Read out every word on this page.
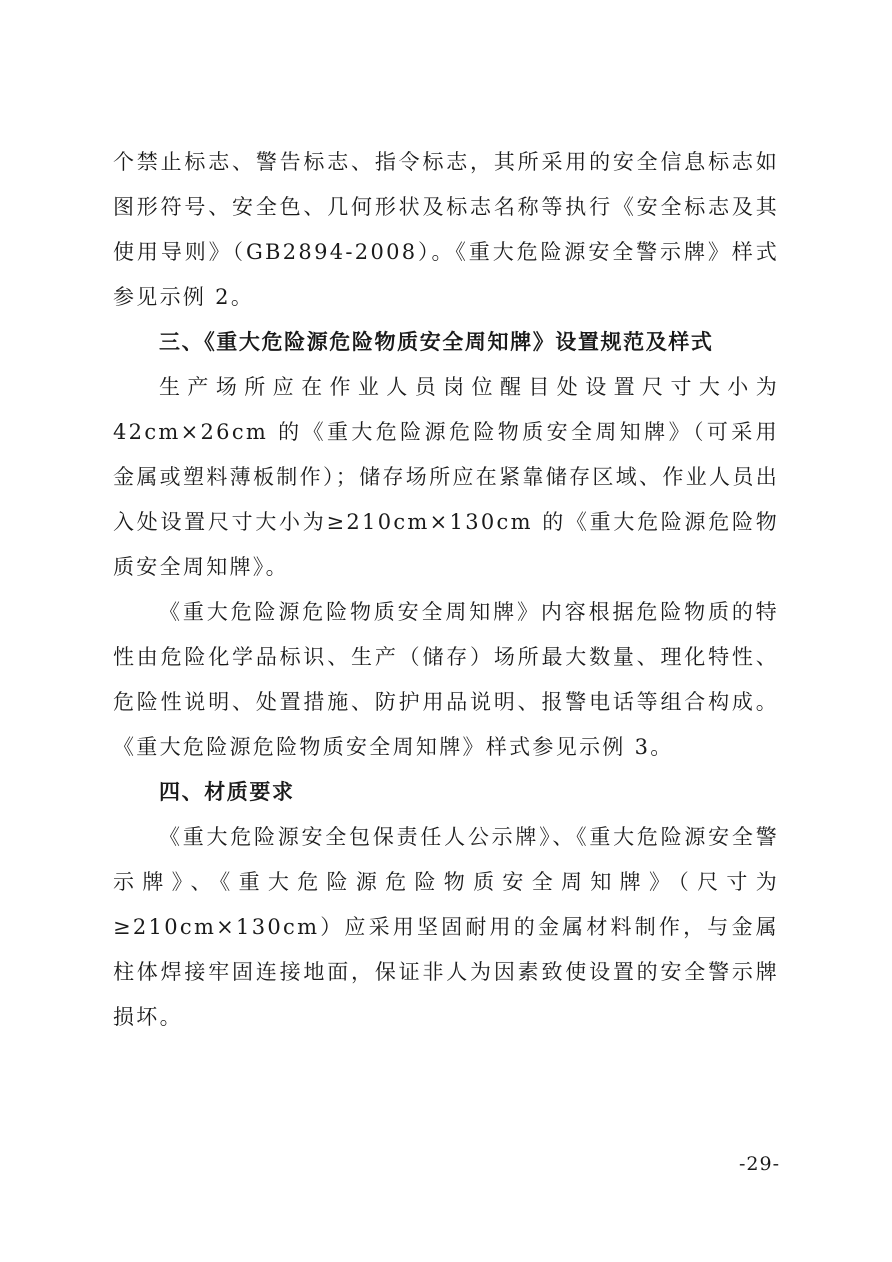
个禁止标志、警告标志、指令标志，其所采用的安全信息标志如图形符号、安全色、几何形状及标志名称等执行《安全标志及其使用导则》（GB2894-2008）。《重大危险源安全警示牌》样式参见示例 2。

三、《重大危险源危险物质安全周知牌》设置规范及样式

生产场所应在作业人员岗位醒目处设置尺寸大小为 42cm×26cm 的《重大危险源危险物质安全周知牌》（可采用金属或塑料薄板制作）；储存场所应在紧靠储存区域、作业人员出入处设置尺寸大小为≥210cm×130cm 的《重大危险源危险物质安全周知牌》。

《重大危险源危险物质安全周知牌》内容根据危险物质的特性由危险化学品标识、生产（储存）场所最大数量、理化特性、危险性说明、处置措施、防护用品说明、报警电话等组合构成。《重大危险源危险物质安全周知牌》样式参见示例 3。

四、材质要求

《重大危险源安全包保责任人公示牌》、《重大危险源安全警示牌》、《重大危险源危险物质安全周知牌》（尺寸为≥210cm×130cm）应采用坚固耐用的金属材料制作，与金属柱体焊接牢固连接地面，保证非人为因素致使设置的安全警示牌损坏。

-29-
